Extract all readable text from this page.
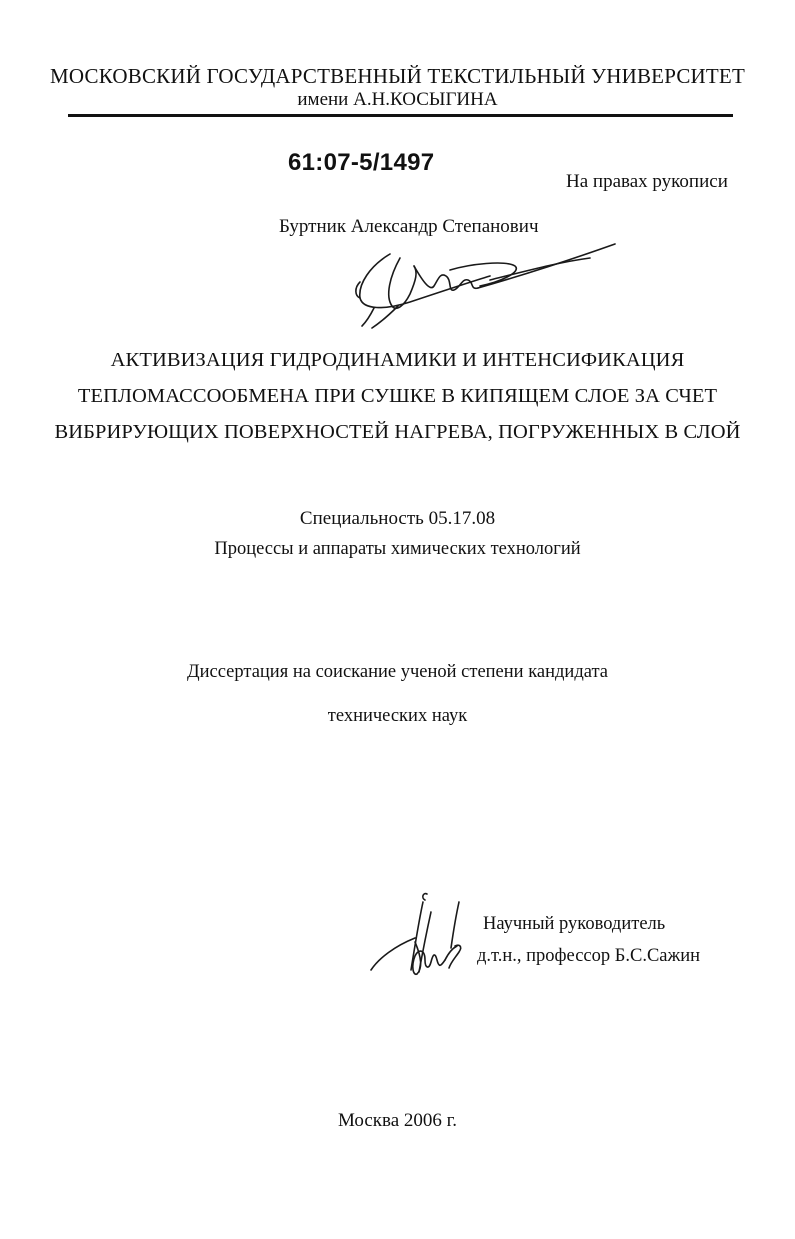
МОСКОВСКИЙ ГОСУДАРСТВЕННЫЙ ТЕКСТИЛЬНЫЙ УНИВЕРСИТЕТ
имени А.Н.КОСЫГИНА
61:07-5/1497
На правах рукописи
Буртник Александр Степанович
АКТИВИЗАЦИЯ ГИДРОДИНАМИКИ И ИНТЕНСИФИКАЦИЯ
ТЕПЛОМАССООБМЕНА ПРИ СУШКЕ В КИПЯЩЕМ СЛОЕ ЗА СЧЕТ
ВИБРИРУЮЩИХ ПОВЕРХНОСТЕЙ НАГРЕВА, ПОГРУЖЕННЫХ В СЛОЙ
Специальность 05.17.08
Процессы и аппараты химических технологий
Диссертация на соискание ученой степени кандидата
технических наук
Научный руководитель
д.т.н., профессор Б.С.Сажин
Москва 2006 г.
